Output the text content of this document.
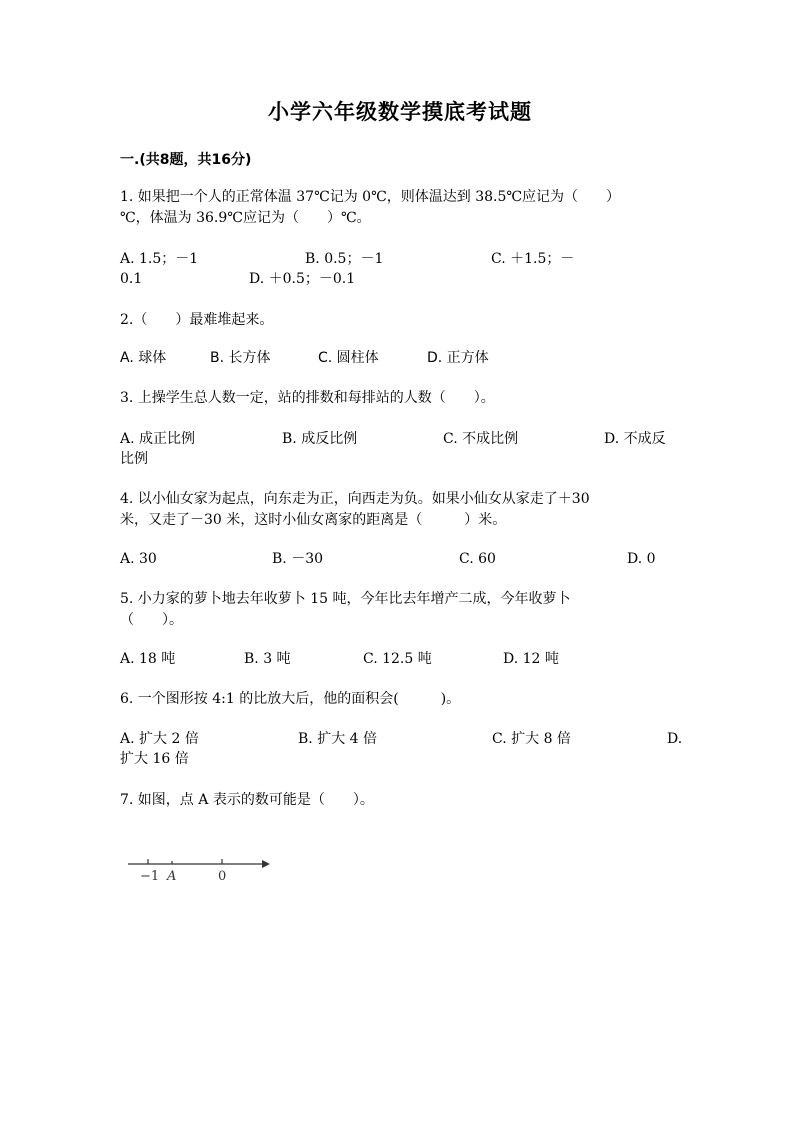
小学六年级数学摸底考试题
一.(共8题，共16分)
1. 如果把一个人的正常体温 37℃记为 0℃，则体温达到 38.5℃应记为（　　）
℃，体温为 36.9℃应记为（　　）℃。
A. 1.5；－1	B. 0.5；－1	C. ＋1.5；－
0.1	D. ＋0.5；－0.1
2.（　　）最难堆起来。
A. 球体	B. 长方体	C. 圆柱体	D. 正方体
3. 上操学生总人数一定，站的排数和每排站的人数（　　）。
A. 成正比例	B. 成反比例	C. 不成比例	D. 不成反
比例
4. 以小仙女家为起点，向东走为正，向西走为负。如果小仙女从家走了＋30
米，又走了－30 米，这时小仙女离家的距离是（　　　）米。
A. 30	B. －30	C. 60	D. 0
5. 小力家的萝卜地去年收萝卜 15 吨，今年比去年增产二成，今年收萝卜
（　　）。
A. 18 吨	B. 3 吨	C. 12.5 吨	D. 12 吨
6. 一个图形按 4:1 的比放大后，他的面积会(　　　)。
A. 扩大 2 倍	B. 扩大 4 倍	C. 扩大 8 倍	D.
扩大 16 倍
7. 如图，点 A 表示的数可能是（　　）。
−1 A	0
